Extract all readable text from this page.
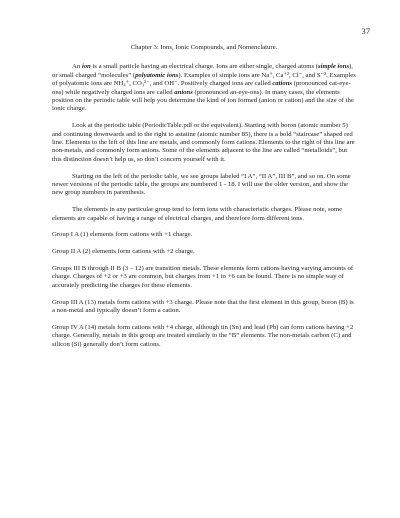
37
Chapter 3: Ions, Ionic Compounds, and Nomenclature.

An ion is a small particle having an electrical charge. Ions are either single, charged atoms (simple ions), or small charged “molecules” (polyatomic ions). Examples of simple ions are Na⁺, Ca⁺², Cl⁻, and S⁻². Examples of polyatomic ions are NH₄⁺, CO₃²⁻, and OH⁻. Positively charged ions are called cations (pronounced cat-eye-ons) while negatively charged ions are called anions (pronounced an-eye-ons). In many cases, the elements position on the periodic table will help you determine the kind of ion formed (anion or cation) and the size of the ionic charge.

Look at the periodic table (PeriodicTable.pdf or the equivalent). Starting with boron (atomic number 5) and continuing downwards and to the right to astatine (atomic number 85), there is a bold “staircase” shaped red line. Elements to the left of this line are metals, and commonly form cations. Elements to the right of this line are non-metals, and commonly form anions. Some of the elements adjacent to the line are called “metalloids”, but this distinction doesn’t help us, so don’t concern yourself with it.

Starting on the left of the periodic table, we see groups labeled “I A”, “II A”, III B”, and so on. On some newer versions of the periodic table, the groups are numbered 1 - 18. I will use the older version, and show the new group numbers in parenthesis.

The elements in any particular group tend to form ions with characteristic charges. Please note, some elements are capable of having a range of electrical charges, and therefore form different ions.

Group I A (1) elements form cations with +1 charge.

Group II A (2) elements form cations with +2 charge.

Groups III B through II B (3 – 12) are transition metals. These elements form cations having varying amounts of charge. Charges of +2 or +3 are common, but charges from +1 to +6 can be found. There is no simple way of accurately predicting the charges for these elements.

Group III A (13) metals form cations with +3 charge. Please note that the first element in this group, boron (B) is a non-metal and typically doesn’t form a cation.

Group IV A (14) metals form cations with +4 charge, although tin (Sn) and lead (Pb) can form cations having +2 charge. Generally, metals in this group are treated similarly to the “B” elements. The non-metals carbon (C) and silicon (Si) generally don’t form cations.
